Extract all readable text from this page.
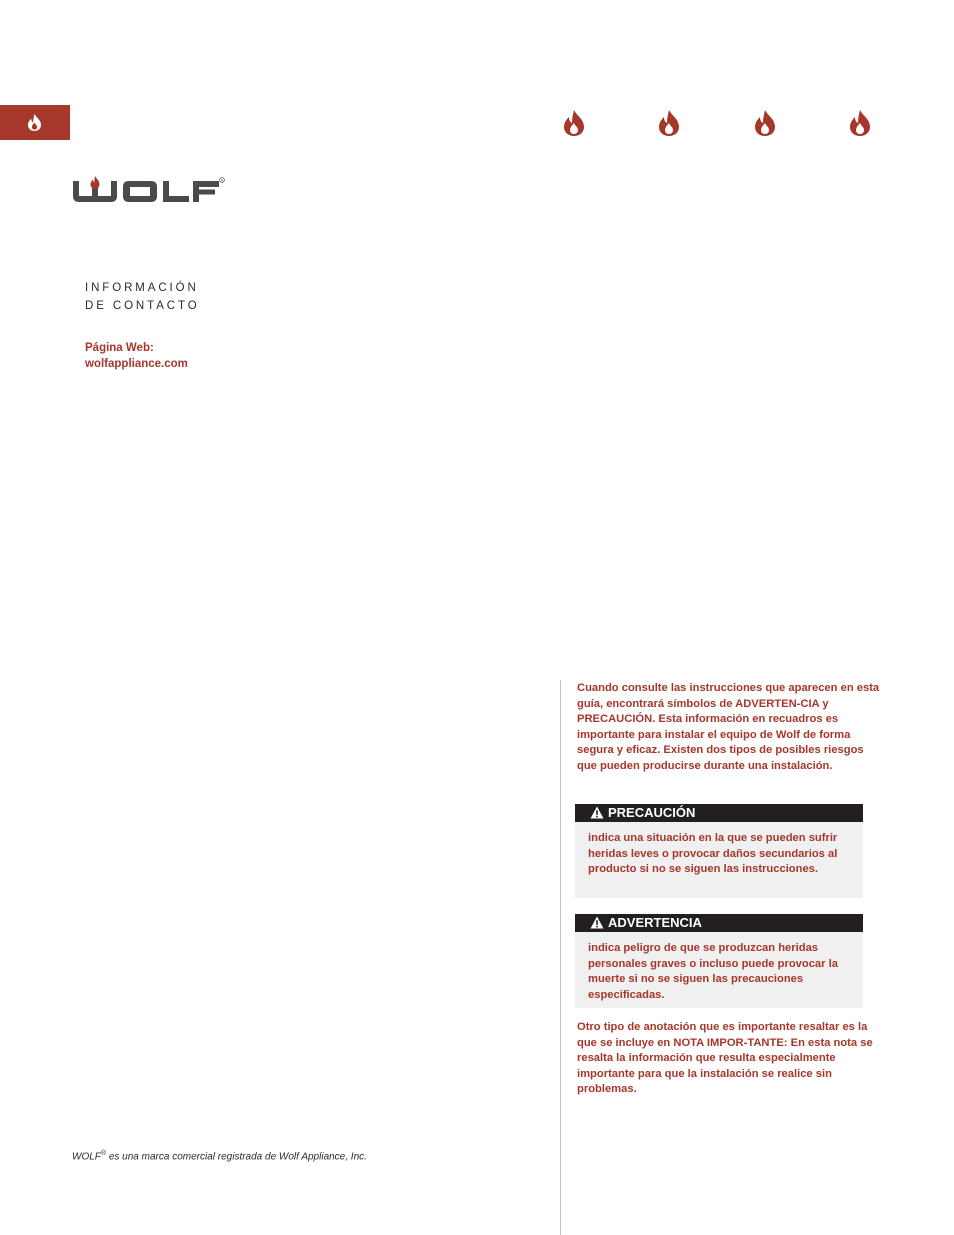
R
INFORMACIÓN
DE CONTACTO
Página Web:
wolfappliance.com
Cuando consulte las instrucciones que aparecen en esta guía, encontrará símbolos de ADVERTEN-CIA y PRECAUCIÓN. Esta información en recuadros es importante para instalar el equipo de Wolf de forma segura y eficaz. Existen dos tipos de posibles riesgos que pueden producirse durante una instalación.
PRECAUCIÓN

indica una situación en la que se pueden sufrir heridas leves o provocar daños secundarios al producto si no se siguen las instrucciones.

ADVERTENCIA

indica peligro de que se produzcan heridas personales graves o incluso puede provocar la muerte si no se siguen las precauciones especificadas.

Otro tipo de anotación que es importante resaltar es la que se incluye en NOTA IMPOR-TANTE: En esta nota se resalta la información que resulta especialmente importante para que la instalación se realice sin problemas.
WOLF® es una marca comercial registrada de Wolf Appliance, Inc.
